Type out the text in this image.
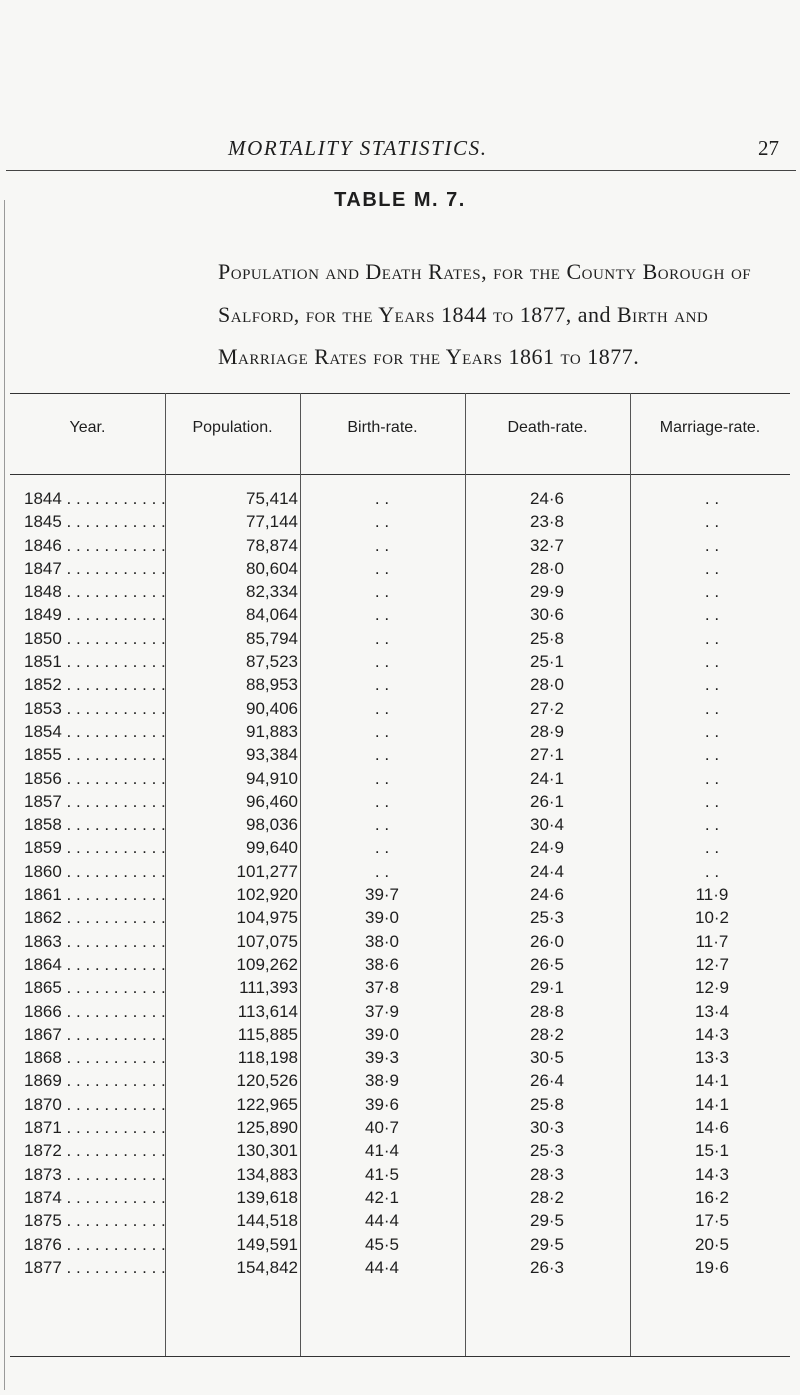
MORTALITY STATISTICS.	27
TABLE M. 7.
Population and Death Rates, for the County Borough of
Salford, for the Years 1844 to 1877, and Birth and
Marriage Rates for the Years 1861 to 1877.
Year.	Population.	Birth-rate.	Death-rate.	Marriage-rate.
1844 . . .	75,414	. .	24·6	. .
1845 . . .	77,144	. .	23·8	. .
1846 . . .	78,874	. .	32·7	. .
1847 . . .	80,604	. .	28·0	. .
1848 . . .	82,334	. .	29·9	. .
1849 . . .	84,064	. .	30·6	. .
1850 . . .	85,794	. .	25·8	. .
1851 . . .	87,523	. .	25·1	. .
1852 . . .	88,953	. .	28·0	. .
1853 . . .	90,406	. .	27·2	. .
1854 . . .	91,883	. .	28·9	. .
1855 . . .	93,384	. .	27·1	. .
1856 . . .	94,910	. .	24·1	. .
1857 . . .	96,460	. .	26·1	. .
1858 . . .	98,036	. .	30·4	. .
1859 . . .	99,640	. .	24·9	. .
1860 . . .	101,277	. .	24·4	. .
1861 . . .	102,920	39·7	24·6	11·9
1862 . . .	104,975	39·0	25·3	10·2
1863 . . .	107,075	38·0	26·0	11·7
1864 . . .	109,262	38·6	26·5	12·7
1865 . . .	111,393	37·8	29·1	12·9
1866 . . .	113,614	37·9	28·8	13·4
1867 . . .	115,885	39·0	28·2	14·3
1868 . . .	118,198	39·3	30·5	13·3
1869 . . .	120,526	38·9	26·4	14·1
1870 . . .	122,965	39·6	25·8	14·1
1871 . . .	125,890	40·7	30·3	14·6
1872 . . .	130,301	41·4	25·3	15·1
1873 . . .	134,883	41·5	28·3	14·3
1874 . . .	139,618	42·1	28·2	16·2
1875 . . .	144,518	44·4	29·5	17·5
1876 . . .	149,591	45·5	29·5	20·5
1877 . . .	154,842	44·4	26·3	19·6
